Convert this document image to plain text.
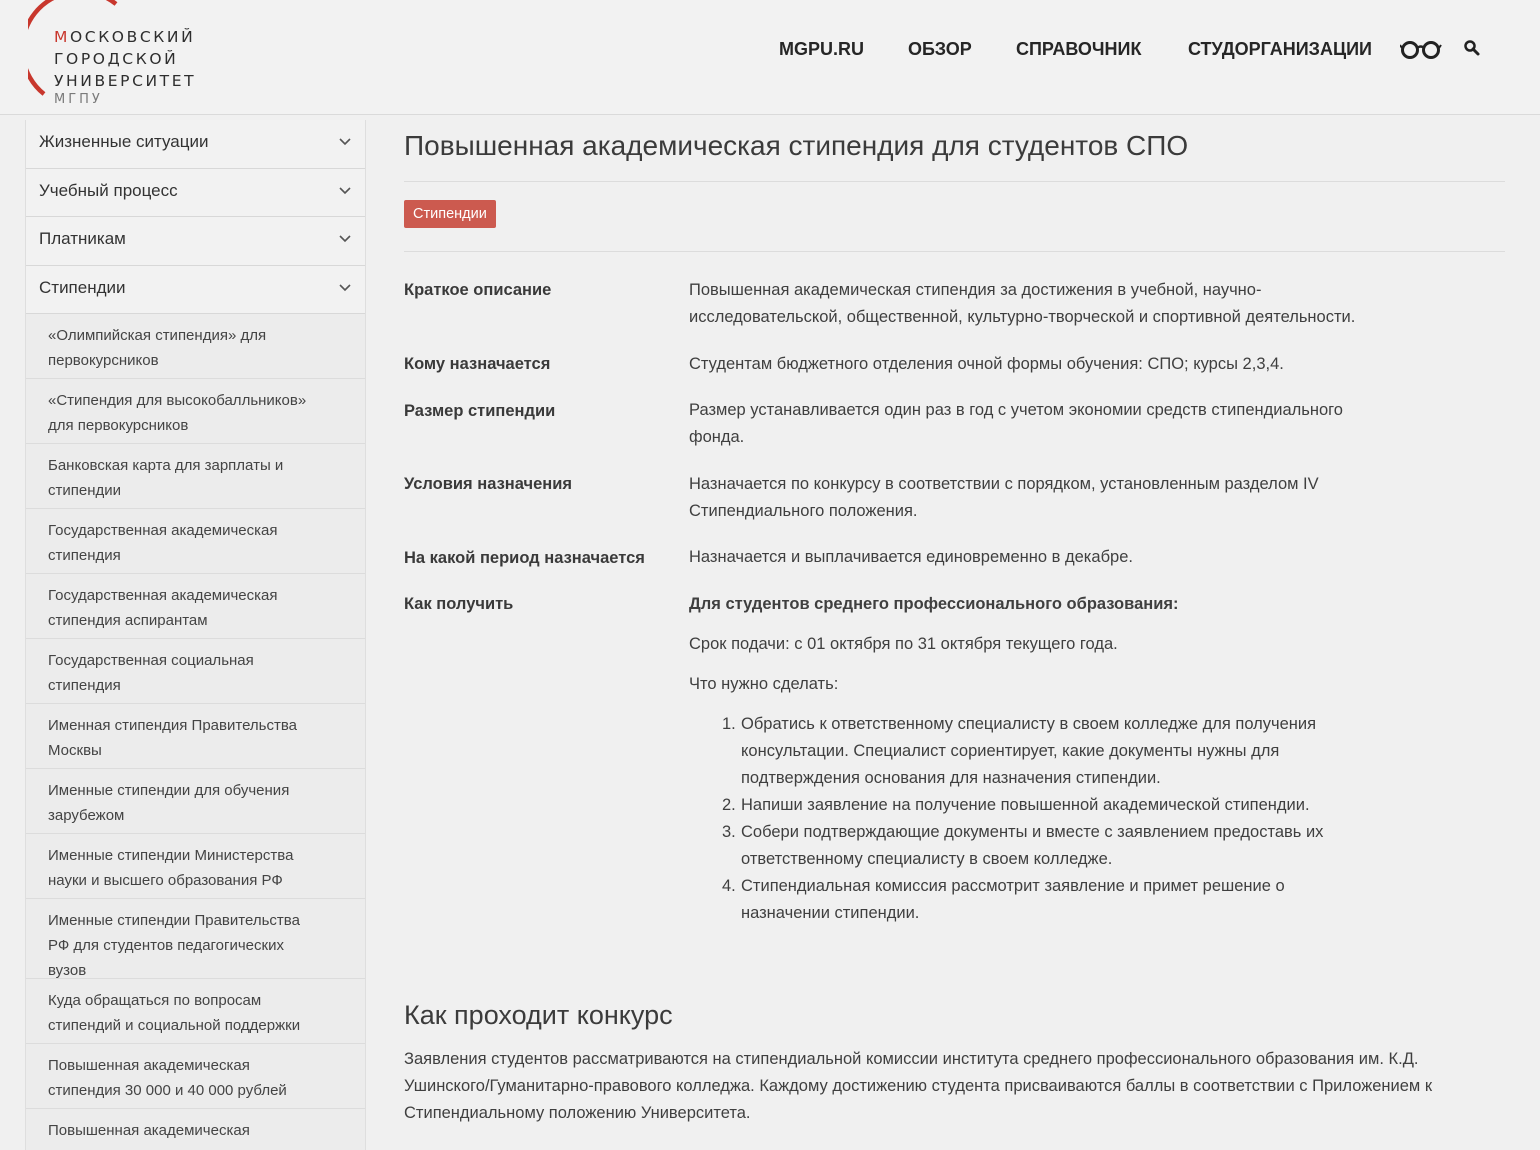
МОСКОВСКИЙ
ГОРОДСКОЙ
УНИВЕРСИТЕТ
МГПУ
MGPU.RU ОБЗОР СПРАВОЧНИК	СТУДОРГАНИЗАЦИИ
Жизненные ситуации
Учебный процесс
Платникам
Стипендии
«Олимпийская стипендия» для
первокурсников
«Стипендия для высокобалльников»
для первокурсников
Банковская карта для зарплаты и
стипендии
Государственная академическая
стипендия
Государственная академическая
стипендия аспирантам
Государственная социальная
стипендия
Именная стипендия Правительства
Москвы
Именные стипендии для обучения
зарубежом
Именные стипендии Министерства
науки и высшего образования РФ
Именные стипендии Правительства
РФ для студентов педагогических
вузов
Куда обращаться по вопросам
стипендий и социальной поддержки
Повышенная академическая
стипендия 30 000 и 40 000 рублей
Повышенная академическая
Повышенная академическая стипендия для студентов СПО
Стипендии
Краткое описание	Повышенная академическая стипендия за достижения в учебной, научно-
исследовательской, общественной, культурно-творческой и спортивной деятельности.
Кому назначается	Студентам бюджетного отделения очной формы обучения: СПО; курсы 2,3,4.
Размер стипендии	Размер устанавливается один раз в год с учетом экономии средств стипендиального
фонда.
Условия назначения	Назначается по конкурсу в соответствии с порядком, установленным разделом IV
Стипендиального положения.
На какой период назначается	Назначается и выплачивается единовременно в декабре.
Как получить	Для студентов среднего профессионального образования:
Срок подачи: с 01 октября по 31 октября текущего года.
Что нужно сделать:
1. Обратись к ответственному специалисту в своем колледже для получения
консультации. Специалист сориентирует, какие документы нужны для
подтверждения основания для назначения стипендии.
2. Напиши заявление на получение повышенной академической стипендии.
3. Собери подтверждающие документы и вместе с заявлением предоставь их
ответственному специалисту в своем колледже.
4. Стипендиальная комиссия рассмотрит заявление и примет решение о
назначении стипендии.
Как проходит конкурс
Заявления студентов рассматриваются на стипендиальной комиссии института среднего профессионального образования им. К.Д.
Ушинского/Гуманитарно-правового колледжа. Каждому достижению студента присваиваются баллы в соответствии с Приложением к
Стипендиальному положению Университета.
